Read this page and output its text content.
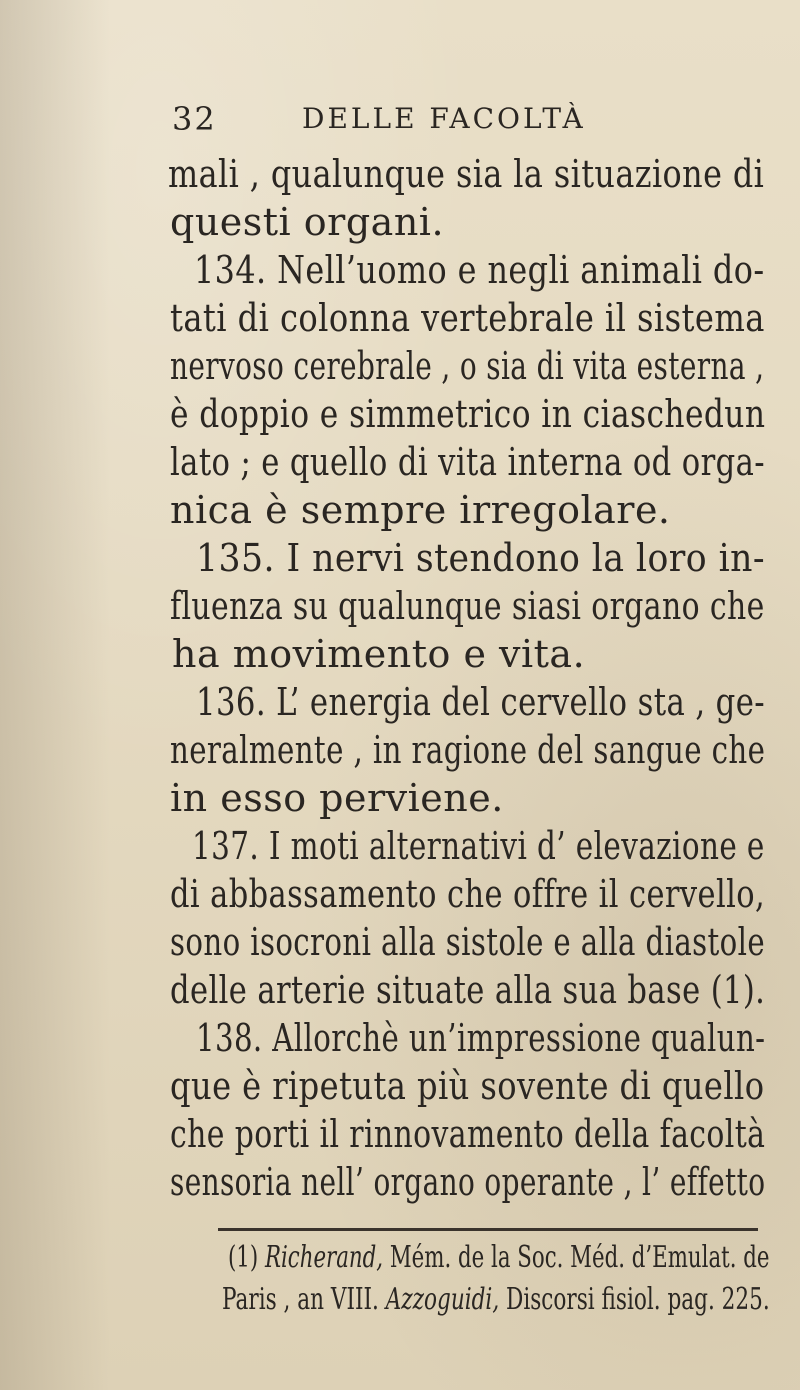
32	DELLE FACOLTÀ
mali , qualunque sia la situazione di
questi organi.
134. Nell’uomo e negli animali do-
tati di colonna vertebrale il sistema
nervoso cerebrale , o sia di vita esterna ,
è doppio e simmetrico in ciaschedun
lato ; e quello di vita interna od orga-
nica è sempre irregolare.
135. I nervi stendono la loro in-
fluenza su qualunque siasi organo che
ha movimento e vita.
136. L’ energia del cervello sta , ge-
neralmente , in ragione del sangue che
in esso perviene.
137. I moti alternativi d’ elevazione e
di abbassamento che offre il cervello,
sono isocroni alla sistole e alla diastole
delle arterie situate alla sua base (1).
138. Allorchè un’impressione qualun-
que è ripetuta più sovente di quello
che porti il rinnovamento della facoltà
sensoria nell’ organo operante , l’ effetto
(1) Richerand, Mém. de la Soc. Méd. d’Emulat. de
Paris , an VIII. Azzoguidi, Discorsi fisiol. pag. 225.
